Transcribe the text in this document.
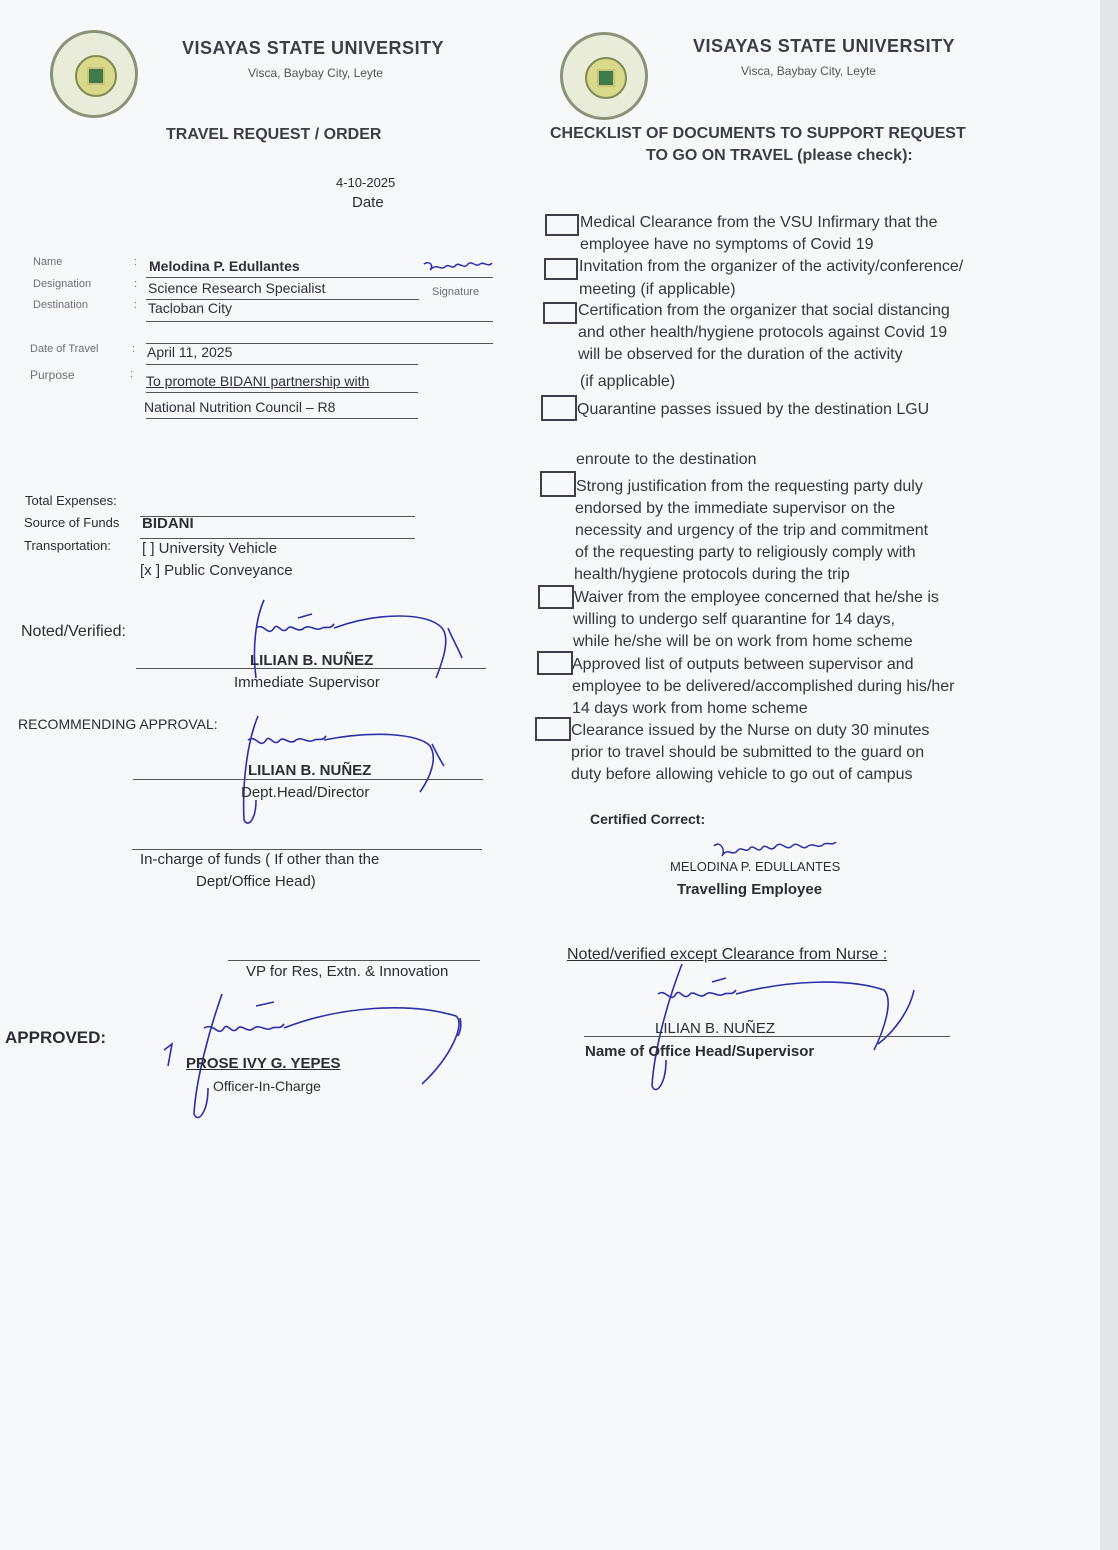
VISAYAS STATE UNIVERSITY
Visca, Baybay City, Leyte
TRAVEL REQUEST / ORDER
4-10-2025
Date
VISAYAS STATE UNIVERSITY
Visca, Baybay City, Leyte
CHECKLIST OF DOCUMENTS TO SUPPORT REQUEST
TO GO ON TRAVEL (please check):
Name	: Melodina P. Edullantes
Signature
Designation	: Science Research Specialist
Destination	: Tacloban City
Date of Travel	: April 11, 2025
Purpose	: To promote BIDANI partnership with
National Nutrition Council – R8
Total Expenses:
Source of Funds BIDANI
Transportation: [ ] University Vehicle
[x ] Public Conveyance
Noted/Verified:
LILIAN B. NUÑEZ
Immediate Supervisor
RECOMMENDING APPROVAL:
LILIAN B. NUÑEZ
Dept.Head/Director
In-charge of funds ( If other than the
Dept/Office Head)
VP for Res, Extn. & Innovation
APPROVED:
PROSE IVY G. YEPES
Officer-In-Charge
Medical Clearance from the VSU Infirmary that the
employee have no symptoms of Covid 19
Invitation from the organizer of the activity/conference/
meeting (if applicable)
Certification from the organizer that social distancing
and other health/hygiene protocols against Covid 19
will be observed for the duration of the activity
(if applicable)
Quarantine passes issued by the destination LGU
enroute to the destination
Strong justification from the requesting party duly
endorsed by the immediate supervisor on the
necessity and urgency of the trip and commitment
of the requesting party to religiously comply with
health/hygiene protocols during the trip
Waiver from the employee concerned that he/she is
willing to undergo self quarantine for 14 days,
while he/she will be on work from home scheme
Approved list of outputs between supervisor and
employee to be delivered/accomplished during his/her
14 days work from home scheme
Clearance issued by the Nurse on duty 30 minutes
prior to travel should be submitted to the guard on
duty before allowing vehicle to go out of campus
Certified Correct:
MELODINA P. EDULLANTES
Travelling Employee
Noted/verified except Clearance from Nurse :
LILIAN B. NUÑEZ
Name of Office Head/Supervisor
